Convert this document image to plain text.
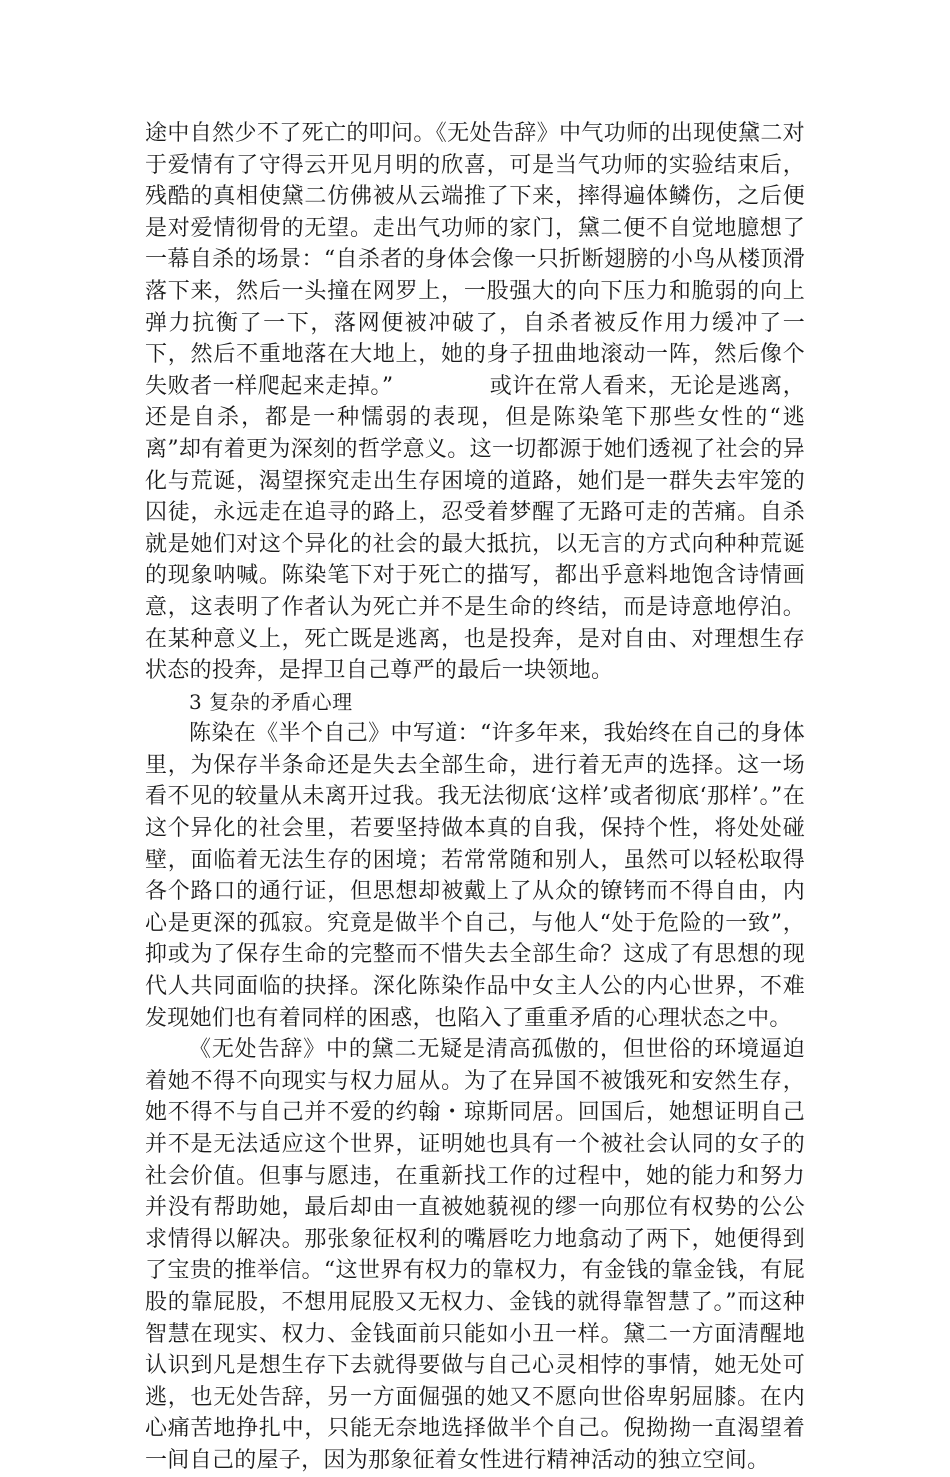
途中自然少不了死亡的叩问。《无处告辞》中气功师的出现使黛二对于爱情有了守得云开见月明的欣喜，可是当气功师的实验结束后，残酷的真相使黛二仿佛被从云端推了下来，摔得遍体鳞伤，之后便是对爱情彻骨的无望。走出气功师的家门，黛二便不自觉地臆想了一幕自杀的场景：“自杀者的身体会像一只折断翅膀的小鸟从楼顶滑落下来，然后一头撞在网罗上，一股强大的向下压力和脆弱的向上弹力抗衡了一下，落网便被冲破了，自杀者被反作用力缓冲了一下，然后不重地落在大地上，她的身子扭曲地滚动一阵，然后像个失败者一样爬起来走掉。”	或许在常人看来，无论是逃离，还是自杀，都是一种懦弱的表现，但是陈染笔下那些女性的“逃离”却有着更为深刻的哲学意义。这一切都源于她们透视了社会的异化与荒诞，渴望探究走出生存困境的道路，她们是一群失去牢笼的囚徒，永远走在追寻的路上，忍受着梦醒了无路可走的苦痛。自杀就是她们对这个异化的社会的最大抵抗，以无言的方式向种种荒诞的现象呐喊。陈染笔下对于死亡的描写，都出乎意料地饱含诗情画意，这表明了作者认为死亡并不是生命的终结，而是诗意地停泊。在某种意义上，死亡既是逃离，也是投奔，是对自由、对理想生存状态的投奔，是捍卫自己尊严的最后一块领地。

3 复杂的矛盾心理

陈染在《半个自己》中写道：“许多年来，我始终在自己的身体里，为保存半条命还是失去全部生命，进行着无声的选择。这一场看不见的较量从未离开过我。我无法彻底‘这样’或者彻底‘那样’。”在这个异化的社会里，若要坚持做本真的自我，保持个性，将处处碰壁，面临着无法生存的困境；若常常随和别人，虽然可以轻松取得各个路口的通行证，但思想却被戴上了从众的镣铐而不得自由，内心是更深的孤寂。究竟是做半个自己，与他人“处于危险的一致”，抑或为了保存生命的完整而不惜失去全部生命？这成了有思想的现代人共同面临的抉择。深化陈染作品中女主人公的内心世界，不难发现她们也有着同样的困惑，也陷入了重重矛盾的心理状态之中。

《无处告辞》中的黛二无疑是清高孤傲的，但世俗的环境逼迫着她不得不向现实与权力屈从。为了在异国不被饿死和安然生存，她不得不与自己并不爱的约翰・琼斯同居。回国后，她想证明自己并不是无法适应这个世界，证明她也具有一个被社会认同的女子的社会价值。但事与愿违，在重新找工作的过程中，她的能力和努力并没有帮助她，最后却由一直被她藐视的缪一向那位有权势的公公求情得以解决。那张象征权利的嘴唇吃力地翕动了两下，她便得到了宝贵的推举信。“这世界有权力的靠权力，有金钱的靠金钱，有屁股的靠屁股，不想用屁股又无权力、金钱的就得靠智慧了。”而这种智慧在现实、权力、金钱面前只能如小丑一样。黛二一方面清醒地认识到凡是想生存下去就得要做与自己心灵相悖的事情，她无处可逃，也无处告辞，另一方面倔强的她又不愿向世俗卑躬屈膝。在内心痛苦地挣扎中，只能无奈地选择做半个自己。倪拗拗一直渴望着一间自己的屋子，因为那象征着女性进行精神活动的独立空间。
